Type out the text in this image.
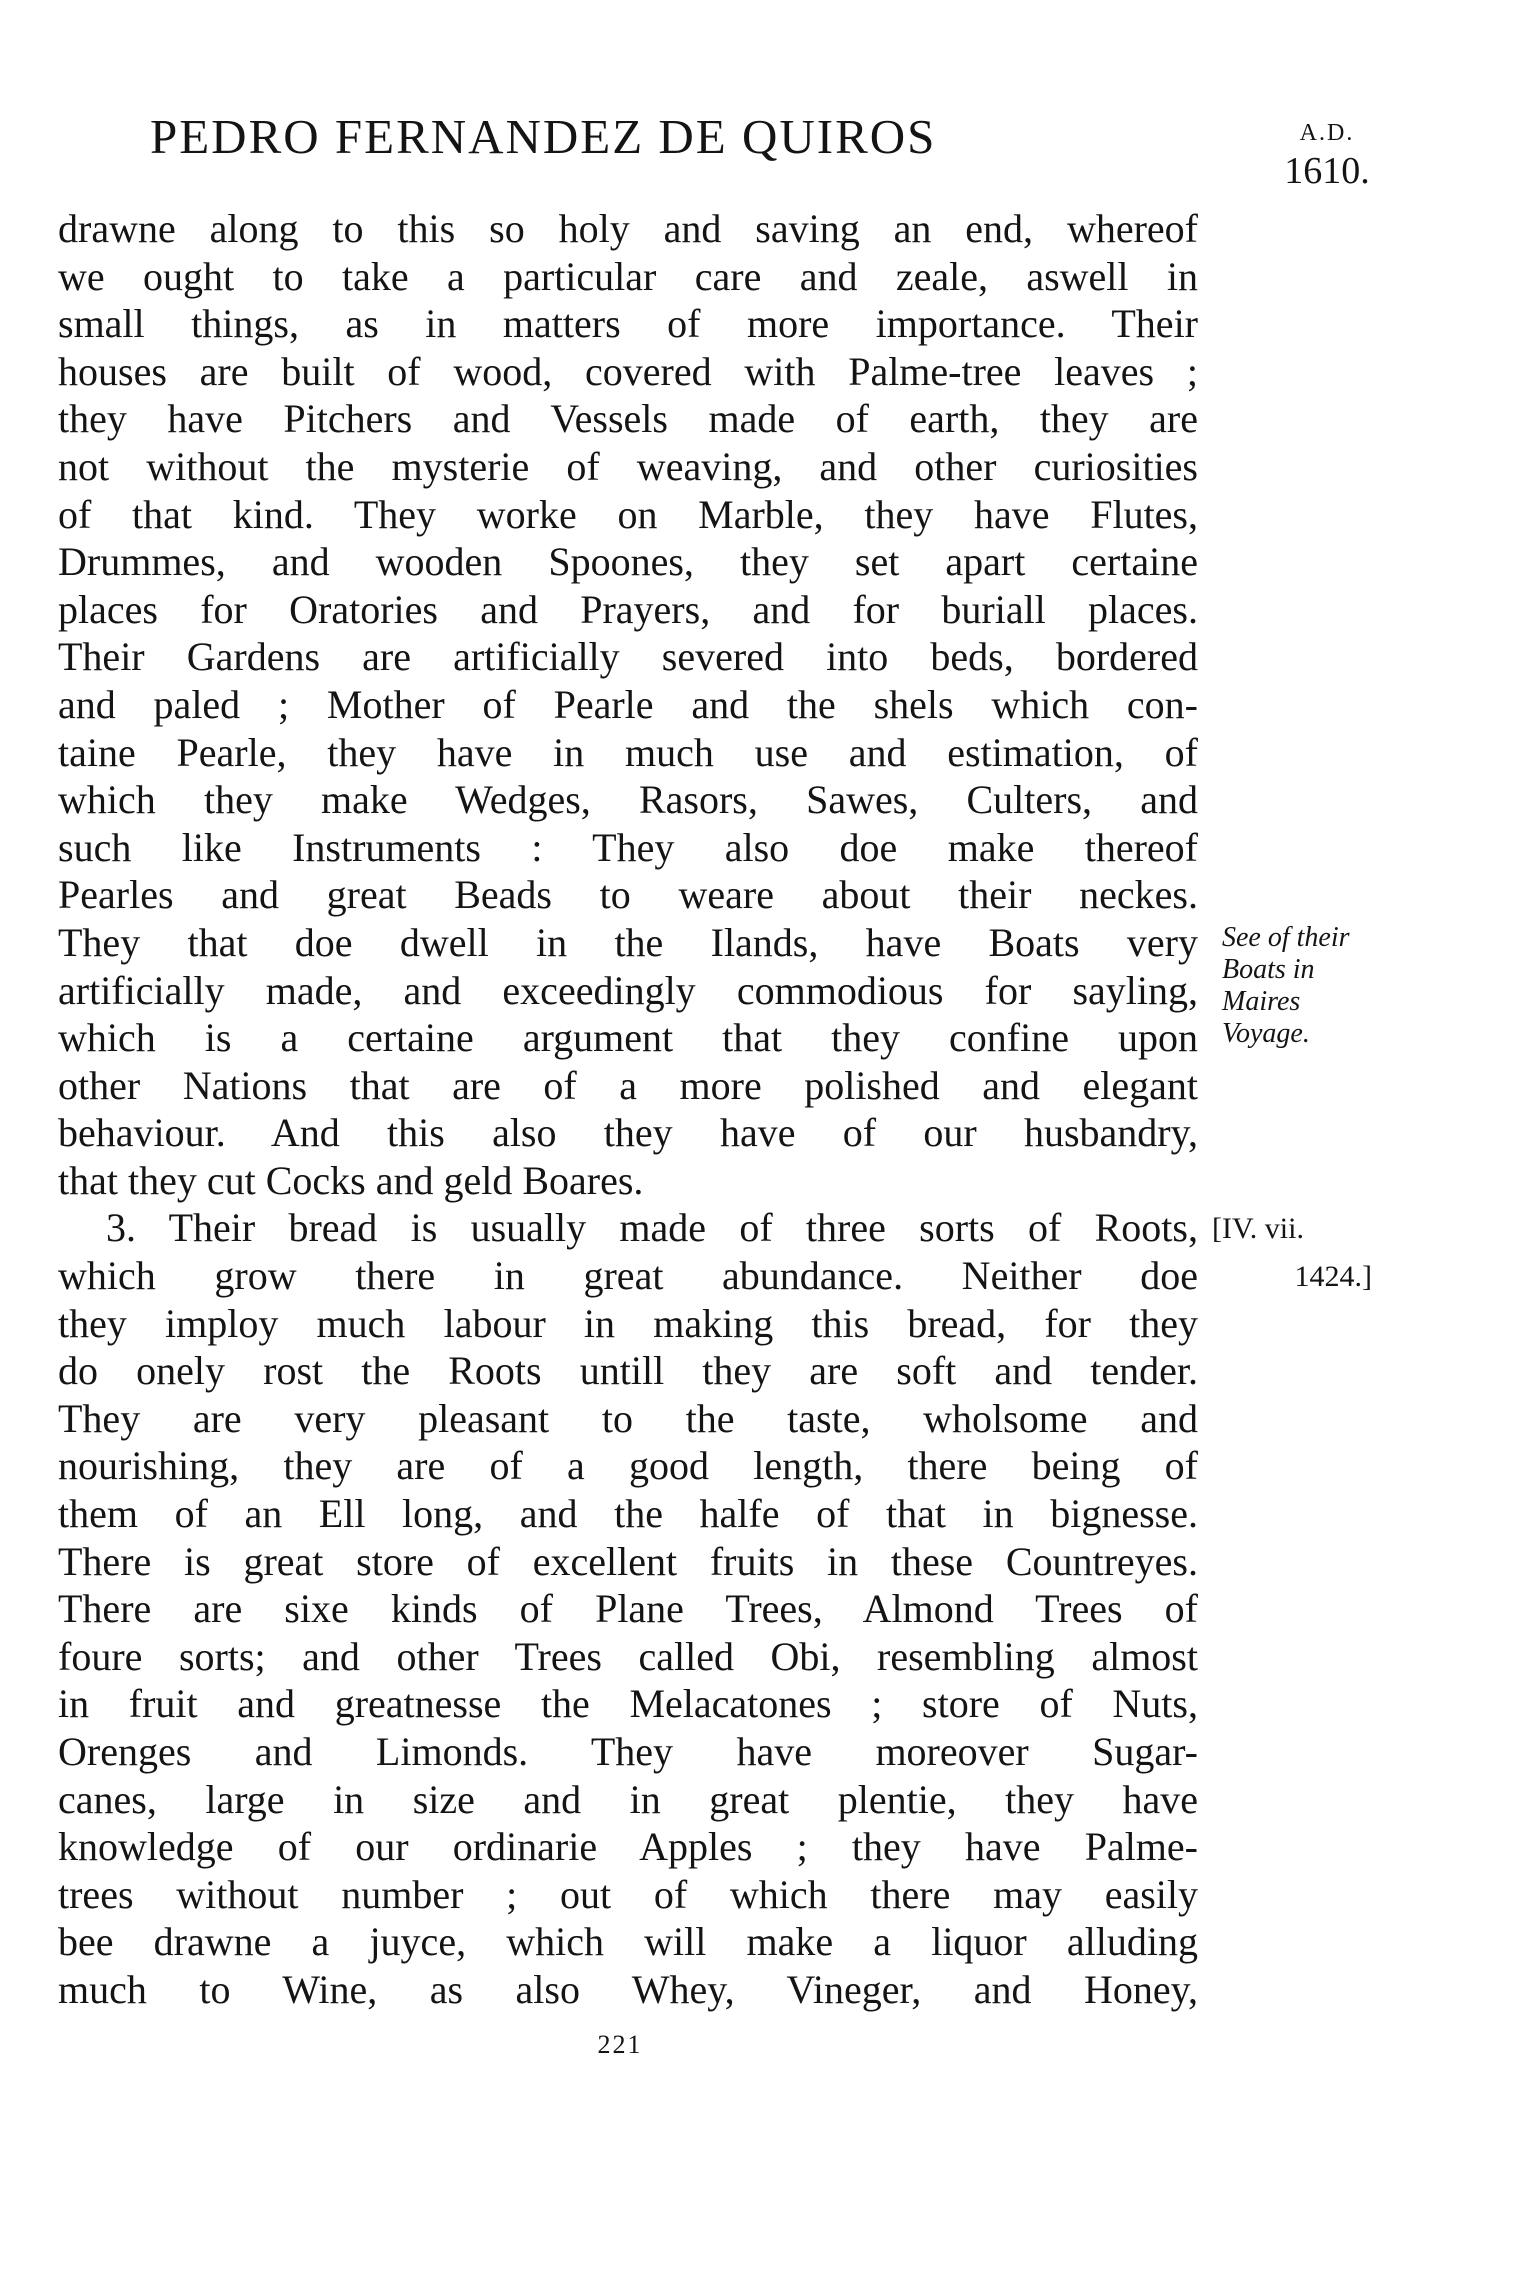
PEDRO FERNANDEZ DE QUIROS	A.D.
1610.
drawne along to this so holy and saving an end, whereof
we ought to take a particular care and zeale, aswell in
small things, as in matters of more importance. Their
houses are built of wood, covered with Palme-tree leaves ;
they have Pitchers and Vessels made of earth, they are
not without the mysterie of weaving, and other curiosities
of that kind. They worke on Marble, they have Flutes,
Drummes, and wooden Spoones, they set apart certaine
places for Oratories and Prayers, and for buriall places.
Their Gardens are artificially severed into beds, bordered
and paled ; Mother of Pearle and the shels which con-
taine Pearle, they have in much use and estimation, of
which they make Wedges, Rasors, Sawes, Culters, and
such like Instruments : They also doe make thereof
Pearles and great Beads to weare about their neckes.
They that doe dwell in the Ilands, have Boats very
artificially made, and exceedingly commodious for sayling,
which is a certaine argument that they confine upon
other Nations that are of a more polished and elegant
behaviour. And this also they have of our husbandry,
that they cut Cocks and geld Boares.
3. Their bread is usually made of three sorts of Roots,
which grow there in great abundance. Neither doe
they imploy much labour in making this bread, for they
do onely rost the Roots untill they are soft and tender.
They are very pleasant to the taste, wholsome and
nourishing, they are of a good length, there being of
them of an Ell long, and the halfe of that in bignesse.
There is great store of excellent fruits in these Countreyes.
There are sixe kinds of Plane Trees, Almond Trees of
foure sorts; and other Trees called Obi, resembling almost
in fruit and greatnesse the Melacatones ; store of Nuts,
Orenges and Limonds. They have moreover Sugar-
canes, large in size and in great plentie, they have
knowledge of our ordinarie Apples ; they have Palme-
trees without number ; out of which there may easily
bee drawne a juyce, which will make a liquor alluding
much to Wine, as also Whey, Vineger, and Honey,
See of their
Boats in
Maires
Voyage.
[IV. vii.
1424.]
221
